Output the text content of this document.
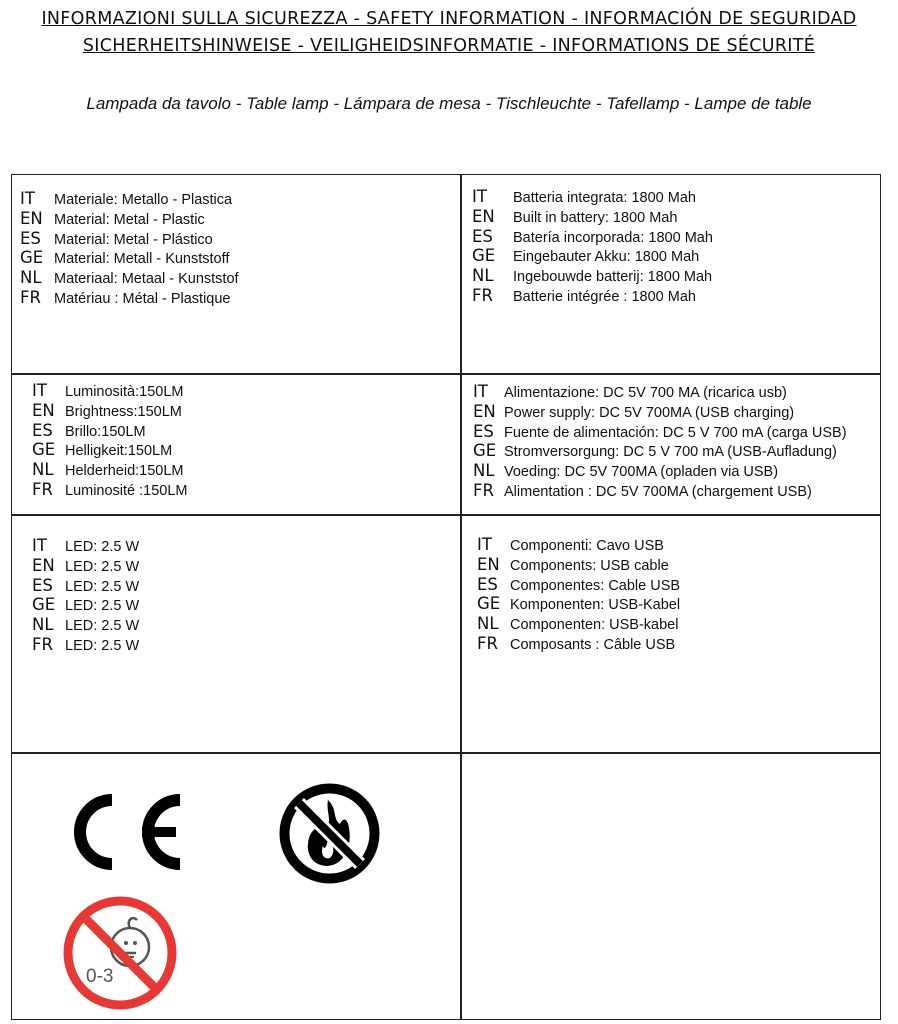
INFORMAZIONI SULLA SICUREZZA - SAFETY INFORMATION - INFORMACIÓN DE SEGURIDAD
SICHERHEITSHINWEISE - VEILIGHEIDSINFORMATIE - INFORMATIONS DE SÉCURITÉ
Lampada da tavolo - Table lamp - Lámpara de mesa - Tischleuchte - Tafellamp - Lampe de table
IT	Materiale: Metallo - Plastica
EN Material: Metal - Plastic
ES Material: Metal - Plástico
GE Material: Metall - Kunststoff
NL Materiaal: Metaal - Kunststof
FR Matériau : Métal - Plastique
IT	Batteria integrata: 1800 Mah
EN	Built in battery: 1800 Mah
ES	Batería incorporada: 1800 Mah
GE	Eingebauter Akku: 1800 Mah
NL	Ingebouwde batterij: 1800 Mah
FR	Batterie intégrée : 1800 Mah
IT	Luminosità:150LM
EN Brightness:150LM
ES Brillo:150LM
GE Helligkeit:150LM
NL Helderheid:150LM
FR Luminosité :150LM
IT	Alimentazione: DC 5V 700 MA (ricarica usb)
EN Power supply: DC 5V 700MA (USB charging)
ES Fuente de alimentación: DC 5 V 700 mA (carga USB)
GE Stromversorgung: DC 5 V 700 mA (USB-Aufladung)
NL Voeding: DC 5V 700MA (opladen via USB)
FR Alimentation : DC 5V 700MA (chargement USB)
IT	LED: 2.5 W
EN LED: 2.5 W
ES LED: 2.5 W
GE LED: 2.5 W
NL LED: 2.5 W
FR LED: 2.5 W
IT	Componenti: Cavo USB
EN Components: USB cable
ES Componentes: Cable USB
GE Komponenten: USB-Kabel
NL Componenten: USB-kabel
FR Composants : Câble USB
0-3
